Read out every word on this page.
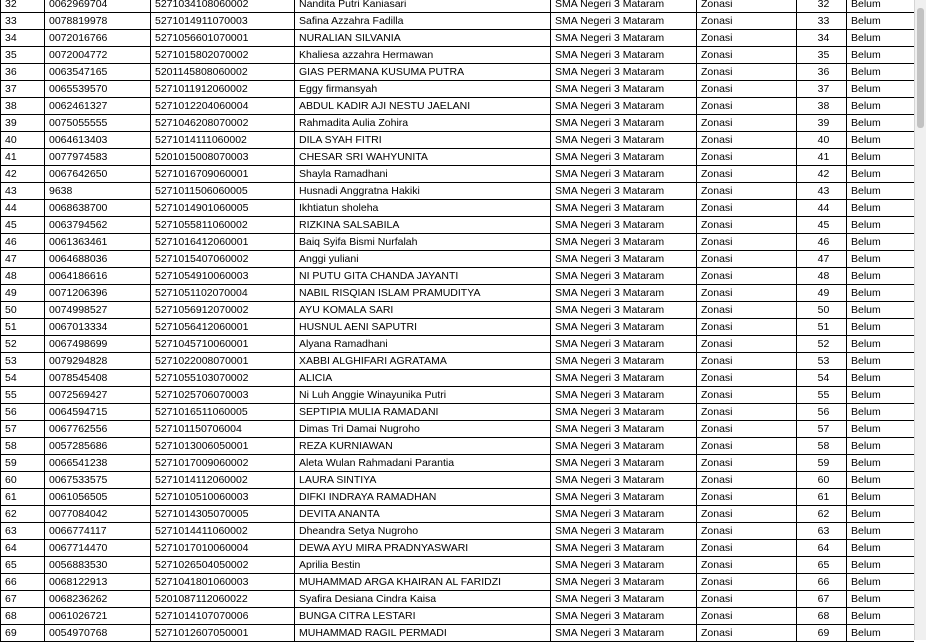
32	0062969704	5271034108060002	Nandita Putri Kaniasari	SMA Negeri 3 Mataram	Zonasi	32	Belum
33	0078819978	5271014911070003	Safina Azzahra Fadilla	SMA Negeri 3 Mataram	Zonasi	33	Belum
34	0072016766	5271056601070001	NURALIAN SILVANIA	SMA Negeri 3 Mataram	Zonasi	34	Belum
35	0072004772	5271015802070002	Khaliesa azzahra Hermawan	SMA Negeri 3 Mataram	Zonasi	35	Belum
36	0063547165	5201145808060002	GIAS PERMANA KUSUMA PUTRA	SMA Negeri 3 Mataram	Zonasi	36	Belum
37	0065539570	5271011912060002	Eggy firmansyah	SMA Negeri 3 Mataram	Zonasi	37	Belum
38	0062461327	5271012204060004	ABDUL KADIR AJI NESTU JAELANI	SMA Negeri 3 Mataram	Zonasi	38	Belum
39	0075055555	5271046208070002	Rahmadita Aulia Zohira	SMA Negeri 3 Mataram	Zonasi	39	Belum
40	0064613403	5271014111060002	DILA SYAH FITRI	SMA Negeri 3 Mataram	Zonasi	40	Belum
41	0077974583	5201015008070003	CHESAR SRI WAHYUNITA	SMA Negeri 3 Mataram	Zonasi	41	Belum
42	0067642650	5271016709060001	Shayla Ramadhani	SMA Negeri 3 Mataram	Zonasi	42	Belum
43	9638	5271011506060005	Husnadi Anggratna Hakiki	SMA Negeri 3 Mataram	Zonasi	43	Belum
44	0068638700	5271014901060005	Ikhtiatun sholeha	SMA Negeri 3 Mataram	Zonasi	44	Belum
45	0063794562	5271055811060002	RIZKINA SALSABILA	SMA Negeri 3 Mataram	Zonasi	45	Belum
46	0061363461	5271016412060001	Baiq Syifa Bismi Nurfalah	SMA Negeri 3 Mataram	Zonasi	46	Belum
47	0064688036	5271015407060002	Anggi yuliani	SMA Negeri 3 Mataram	Zonasi	47	Belum
48	0064186616	5271054910060003	NI PUTU GITA CHANDA JAYANTI	SMA Negeri 3 Mataram	Zonasi	48	Belum
49	0071206396	5271051102070004	NABIL RISQIAN ISLAM PRAMUDITYA	SMA Negeri 3 Mataram	Zonasi	49	Belum
50	0074998527	5271056912070002	AYU KOMALA SARI	SMA Negeri 3 Mataram	Zonasi	50	Belum
51	0067013334	5271056412060001	HUSNUL AENI SAPUTRI	SMA Negeri 3 Mataram	Zonasi	51	Belum
52	0067498699	5271045710060001	Alyana Ramadhani	SMA Negeri 3 Mataram	Zonasi	52	Belum
53	0079294828	5271022008070001	XABBI ALGHIFARI AGRATAMA	SMA Negeri 3 Mataram	Zonasi	53	Belum
54	0078545408	5271055103070002	ALICIA	SMA Negeri 3 Mataram	Zonasi	54	Belum
55	0072569427	5271025706070003	Ni Luh Anggie Winayunika Putri	SMA Negeri 3 Mataram	Zonasi	55	Belum
56	0064594715	5271016511060005	SEPTIPIA MULIA RAMADANI	SMA Negeri 3 Mataram	Zonasi	56	Belum
57	0067762556	527101150706004	Dimas Tri Damai Nugroho	SMA Negeri 3 Mataram	Zonasi	57	Belum
58	0057285686	5271013006050001	REZA KURNIAWAN	SMA Negeri 3 Mataram	Zonasi	58	Belum
59	0066541238	5271017009060002	Aleta Wulan Rahmadani Parantia	SMA Negeri 3 Mataram	Zonasi	59	Belum
60	0067533575	5271014112060002	LAURA SINTIYA	SMA Negeri 3 Mataram	Zonasi	60	Belum
61	0061056505	5271010510060003	DIFKI INDRAYA RAMADHAN	SMA Negeri 3 Mataram	Zonasi	61	Belum
62	0077084042	5271014305070005	DEVITA ANANTA	SMA Negeri 3 Mataram	Zonasi	62	Belum
63	0066774117	5271014411060002	Dheandra Setya Nugroho	SMA Negeri 3 Mataram	Zonasi	63	Belum
64	0067714470	5271017010060004	DEWA AYU MIRA PRADNYASWARI	SMA Negeri 3 Mataram	Zonasi	64	Belum
65	0056883530	5271026504050002	Aprilia Bestin	SMA Negeri 3 Mataram	Zonasi	65	Belum
66	0068122913	5271041801060003	MUHAMMAD ARGA KHAIRAN AL FARIDZI	SMA Negeri 3 Mataram	Zonasi	66	Belum
67	0068236262	5201087112060022	Syafira Desiana Cindra Kaisa	SMA Negeri 3 Mataram	Zonasi	67	Belum
68	0061026721	5271014107070006	BUNGA CITRA LESTARI	SMA Negeri 3 Mataram	Zonasi	68	Belum
69	0054970768	5271012607050001	MUHAMMAD RAGIL PERMADI	SMA Negeri 3 Mataram	Zonasi	69	Belum
